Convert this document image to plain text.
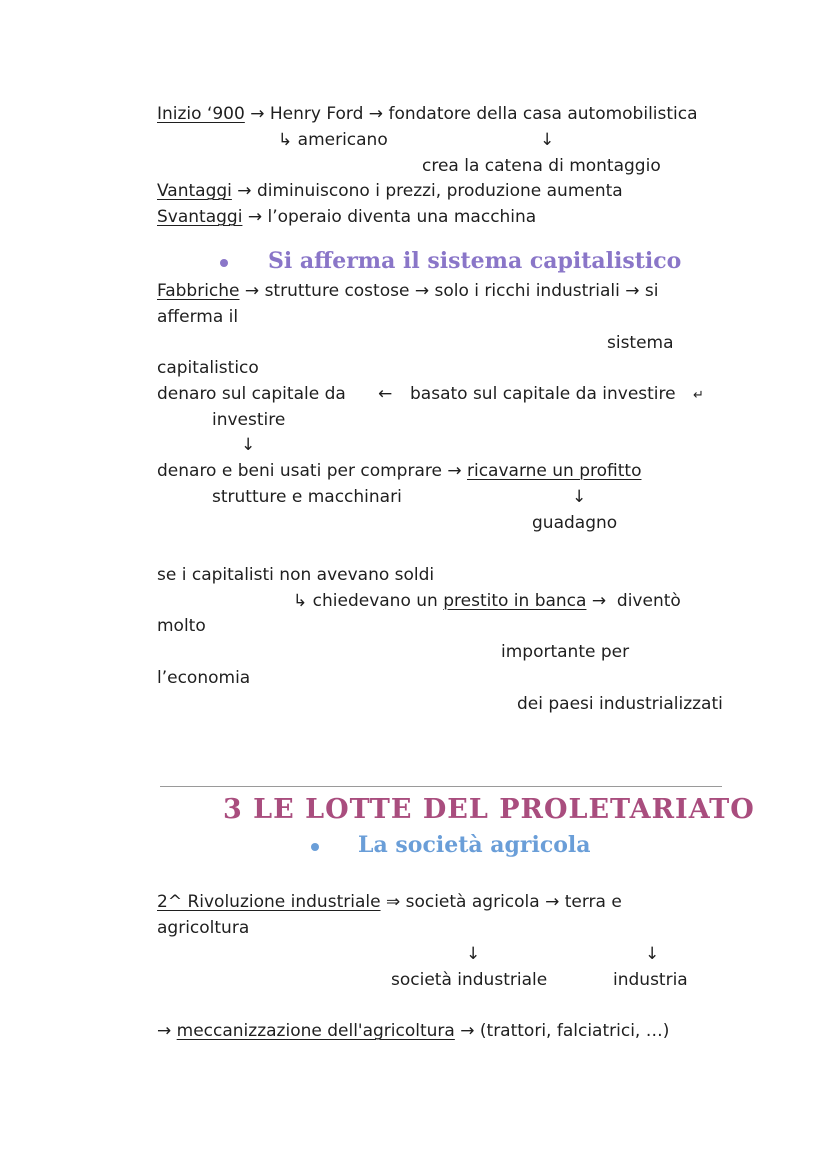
Inizio ‘900 → Henry Ford → fondatore della casa automobilistica
↳ americano	↓
crea la catena di montaggio
Vantaggi → diminuiscono i prezzi, produzione aumenta
Svantaggi → l’operaio diventa una macchina
Si afferma il sistema capitalistico
Fabbriche → strutture costose → solo i ricchi industriali → si
afferma il
sistema
capitalistico
denaro sul capitale da ← basato sul capitale da investire ↵
investire
↓
denaro e beni usati per comprare → ricavarne un profitto
strutture e macchinari	↓
guadagno
se i capitalisti non avevano soldi
↳ chiedevano un prestito in banca →  diventò
molto
importante per
l’economia
dei paesi industrializzati
3 LE LOTTE DEL PROLETARIATO
La società agricola
2^ Rivoluzione industriale ⇒ società agricola → terra e
agricoltura
↓	↓
società industriale	industria
→ meccanizzazione dell'agricoltura → (trattori, falciatrici, …)
